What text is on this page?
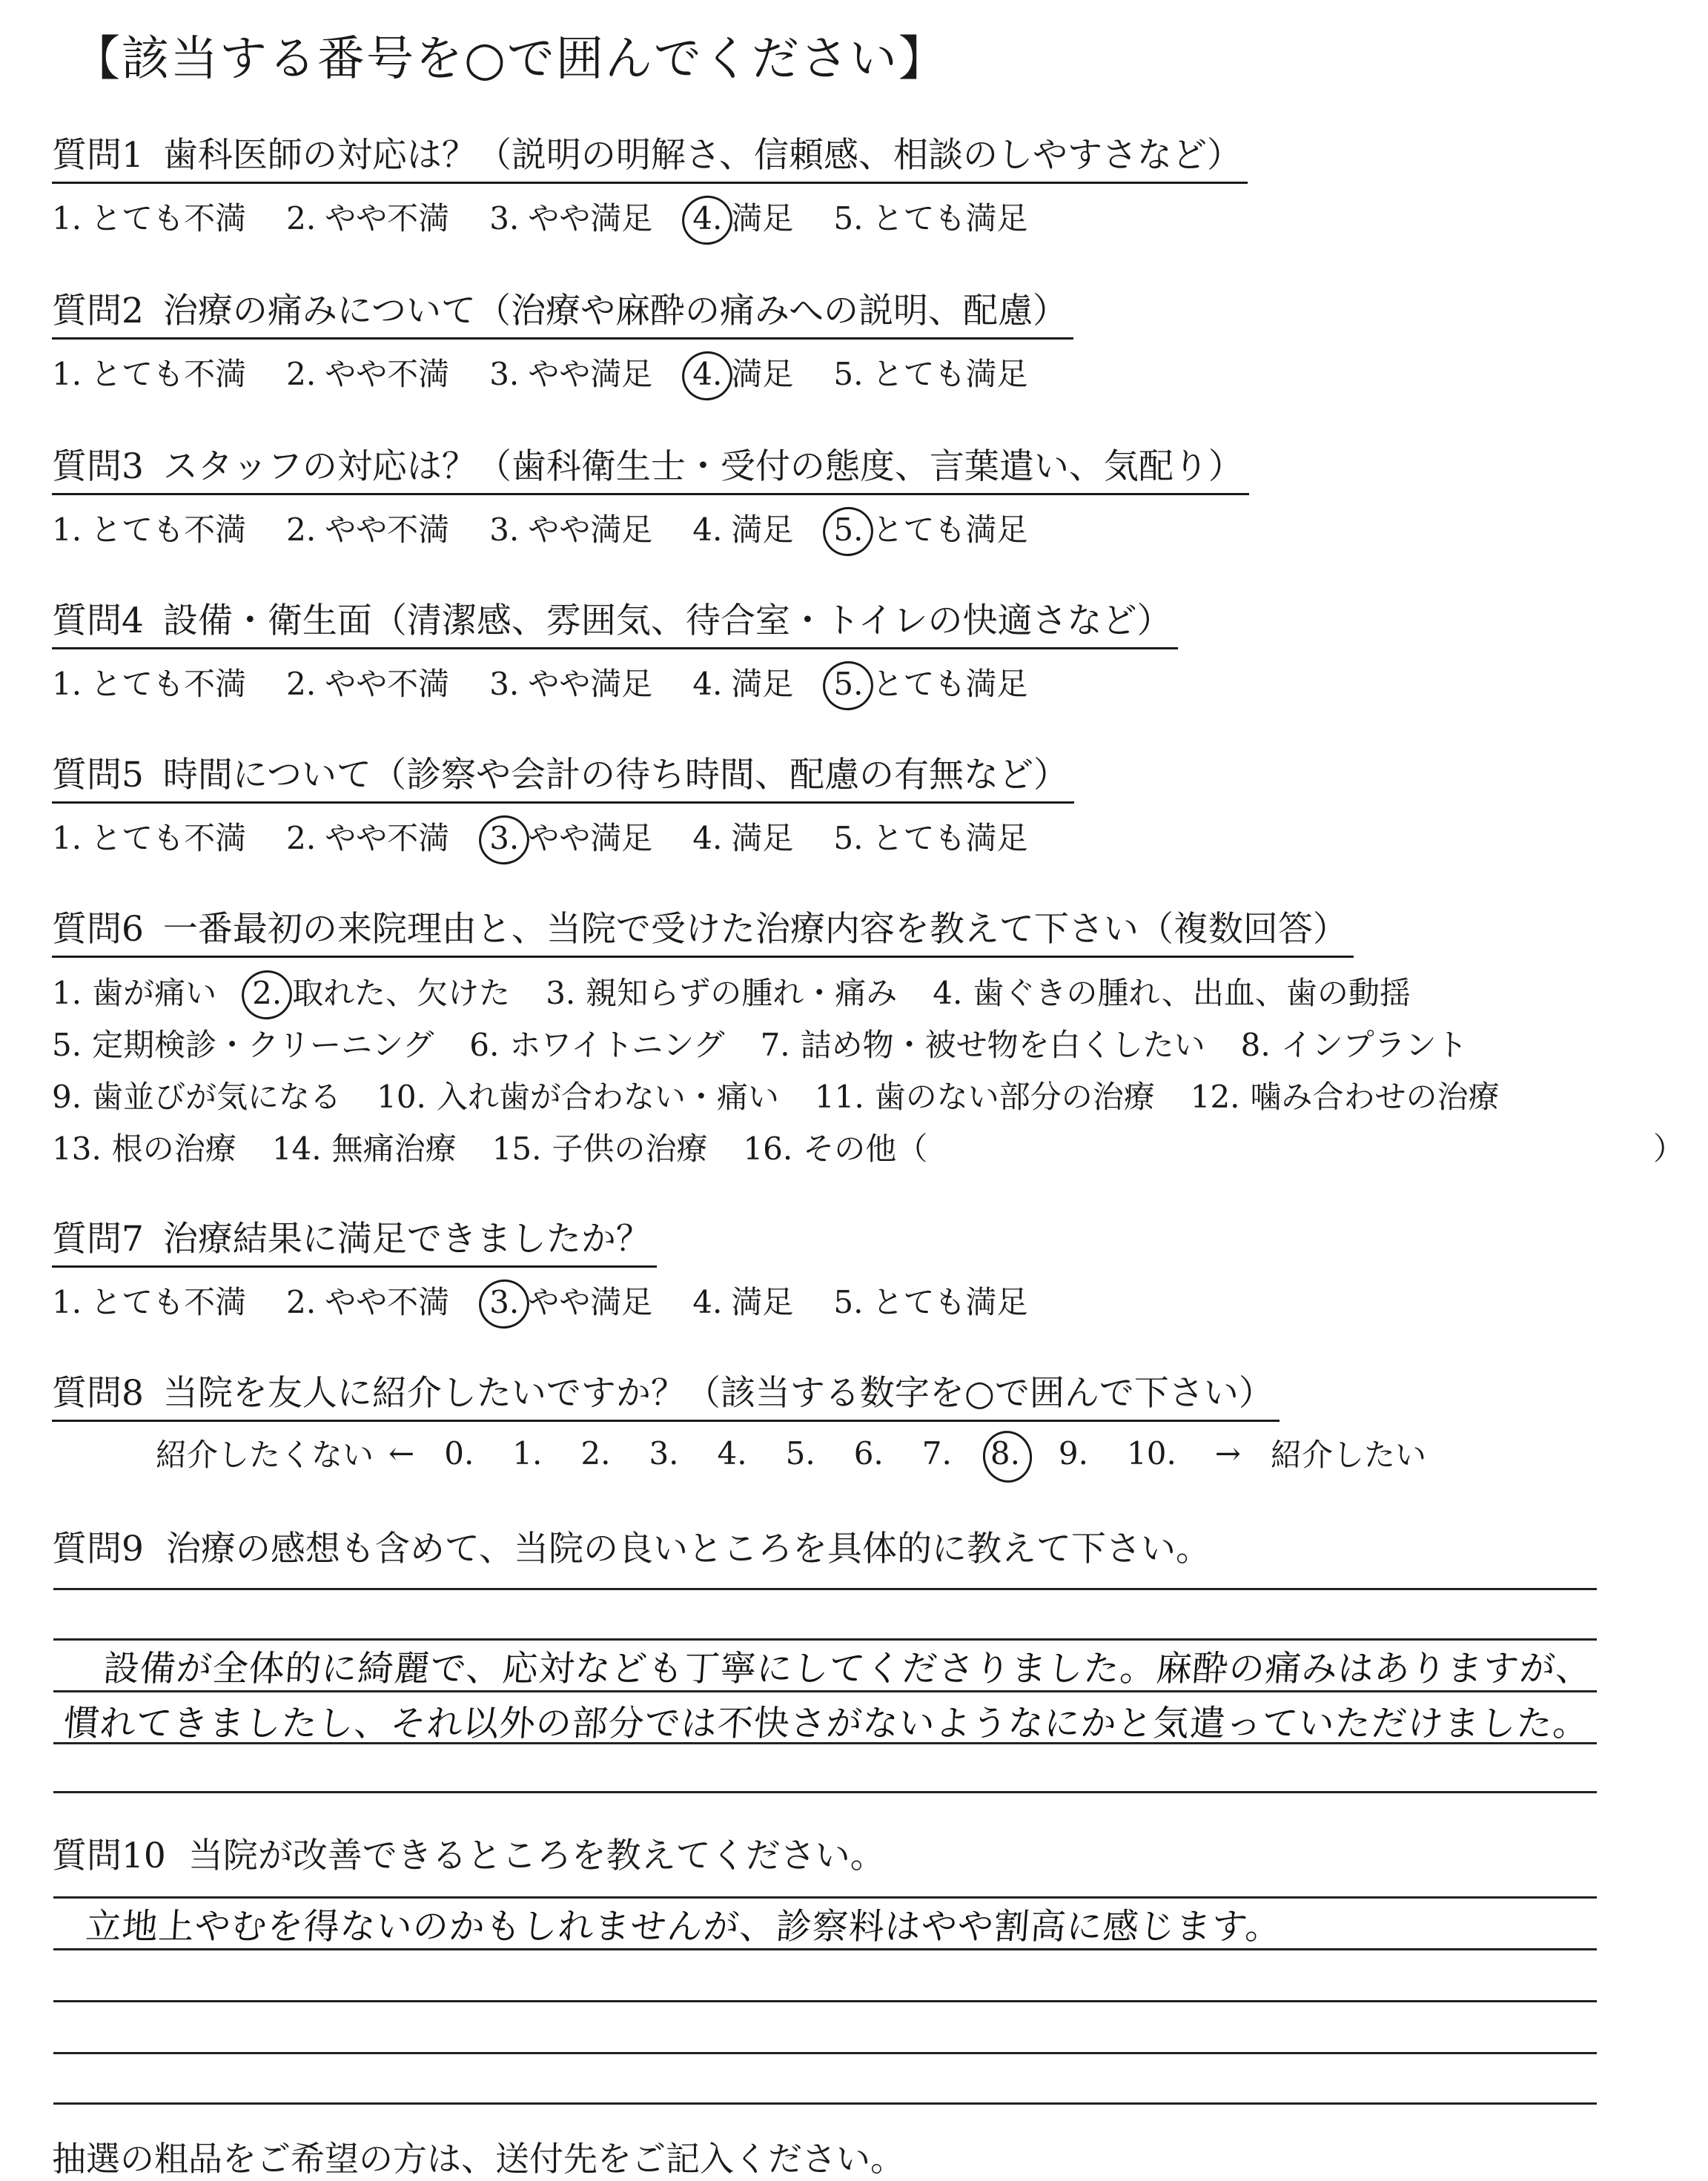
【該当する番号を○で囲んでください】
質問1 歯科医師の対応は？（説明の明解さ、信頼感、相談のしやすさなど）
1. とても不満 2. やや不満 3. やや満足 4. 満足 5. とても満足
質問2 治療の痛みについて（治療や麻酔の痛みへの説明、配慮）
1. とても不満 2. やや不満 3. やや満足 4. 満足 5. とても満足
質問3 スタッフの対応は？（歯科衛生士・受付の態度、言葉遣い、気配り）
1. とても不満 2. やや不満 3. やや満足 4. 満足 5. とても満足
質問4 設備・衛生面（清潔感、雰囲気、待合室・トイレの快適さなど）
1. とても不満 2. やや不満 3. やや満足 4. 満足 5. とても満足
質問5 時間について（診察や会計の待ち時間、配慮の有無など）
1. とても不満 2. やや不満 3. やや満足 4. 満足 5. とても満足
質問6 一番最初の来院理由と、当院で受けた治療内容を教えて下さい（複数回答）
1. 歯が痛い 2. 取れた、欠けた 3. 親知らずの腫れ・痛み 4. 歯ぐきの腫れ、出血、歯の動揺
5. 定期検診・クリーニング 6. ホワイトニング 7. 詰め物・被せ物を白くしたい 8. インプラント
9. 歯並びが気になる 10. 入れ歯が合わない・痛い 11. 歯のない部分の治療 12. 噛み合わせの治療
13. 根の治療 14. 無痛治療 15. 子供の治療 16. その他（	）
質問7 治療結果に満足できましたか？
1. とても不満 2. やや不満 3. やや満足 4. 満足 5. とても満足
質問8 当院を友人に紹介したいですか？（該当する数字を○で囲んで下さい）
紹介したくない ← 0. 1. 2. 3. 4. 5. 6. 7. 8. 9. 10. → 紹介したい
質問9 治療の感想も含めて、当院の良いところを具体的に教えて下さい。
設備が全体的に綺麗で、応対なども丁寧にしてくださりました。麻酔の痛みはありますが、
慣れてきましたし、それ以外の部分では不快さがないようなにかと気遣っていただけました。
質問10 当院が改善できるところを教えてください。
立地上やむを得ないのかもしれませんが、診察料はやや割高に感じます。
抽選の粗品をご希望の方は、送付先をご記入ください。
